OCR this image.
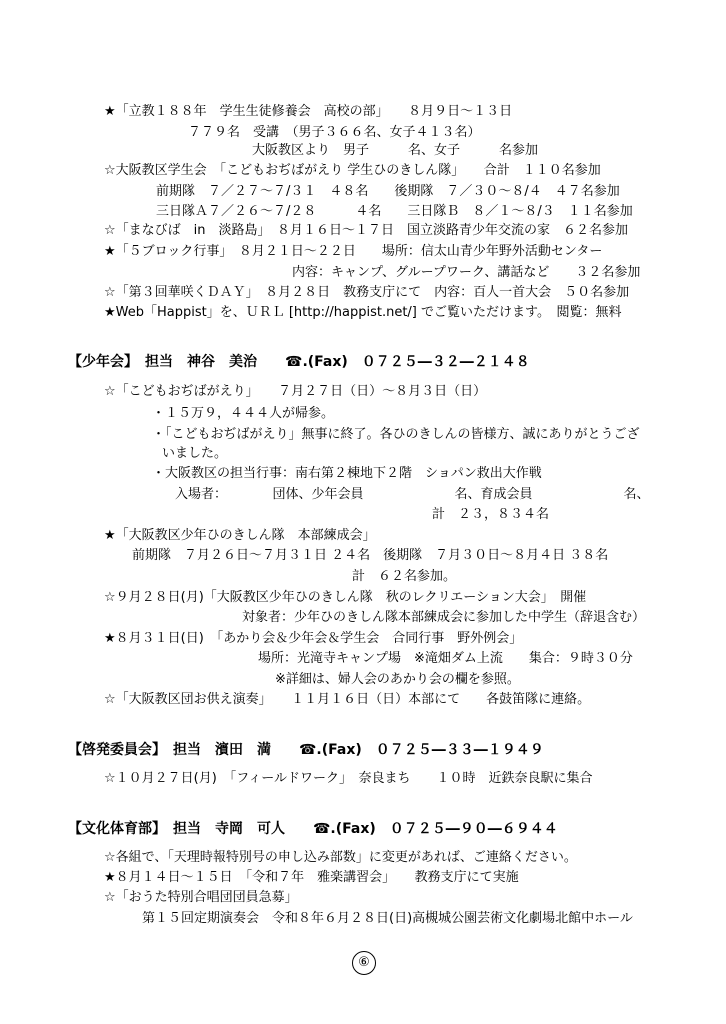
★「立教１８８年　学生生徒修養会　高校の部」　　８月９日～１３日
７７９名　受講　（男子３６６名、女子４１３名）
大阪教区より　男子　　　名、女子　　　名参加
☆大阪教区学生会　「こどもおぢばがえり 学生ひのきしん隊」　　合計　１１０名参加
前期隊　７／２７～７/３１　４８名　　後期隊　７／３０～８/４　４７名参加
三日隊Ａ７／２６～７/２８　　　４名　　三日隊Ｂ　８／１～８/３　１１名参加
☆「まなびば　in　淡路島」　８月１６日～１７日　国立淡路青少年交流の家　６２名参加
★「５ブロック行事」　８月２１日～２２日　　場所：信太山青少年野外活動センター
内容：キャンプ、グループワーク、講話など　　３２名参加
☆「第３回華咲くＤＡＹ」　８月２８日　教務支庁にて　内容：百人一首大会　５０名参加
★Web「Happist」を、ＵＲＬ [http://happist.net/] でご覧いただけます。　閲覧：無料
【少年会】　担当　神谷　美治　　☎.(Fax)　０７２５―３２―２１４８
☆「こどもおぢばがえり」　　７月２７日（日）～８月３日（日）
・１５万９，４４４人が帰参。
・「こどもおぢばがえり」無事に終了。各ひのきしんの皆様方、誠にありがとうござ
いました。
・大阪教区の担当行事：南右第２棟地下２階　ショパン救出大作戦
入場者：　　　　団体、少年会員　　　　　　　名、育成会員　　　　　　　名、
計　２３，８３４名
★「大阪教区少年ひのきしん隊　本部練成会」
前期隊　７月２６日～７月３１日 ２４名　後期隊　７月３０日～８月４日 ３８名
計　６２名参加。
☆９月２８日(月)「大阪教区少年ひのきしん隊　秋のレクリエーション大会」　開催
対象者：少年ひのきしん隊本部練成会に参加した中学生（辞退含む）
★８月３１日(日)　「あかり会＆少年会＆学生会　合同行事　野外例会」
場所：光滝寺キャンプ場　※滝畑ダム上流　　集合：９時３０分
※詳細は、婦人会のあかり会の欄を参照。
☆「大阪教区団お供え演奏」　　１１月１６日（日）本部にて　　各鼓笛隊に連絡。
【啓発委員会】　担当　濱田　満　　☎.(Fax)　０７２５―３３―１９４９
☆１０月２７日(月)　「フィールドワーク」　奈良まち　　１０時　近鉄奈良駅に集合
【文化体育部】　担当　寺岡　可人　　☎.(Fax)　０７２５―９０―６９４４
☆各組で、「天理時報特別号の申し込み部数」に変更があれば、ご連絡ください。
★８月１４日～１５日　「令和７年　雅楽講習会」　　教務支庁にて実施
☆「おうた特別合唱団団員急募」
第１５回定期演奏会　令和８年６月２８日(日)高槻城公園芸術文化劇場北館中ホール
⑥
